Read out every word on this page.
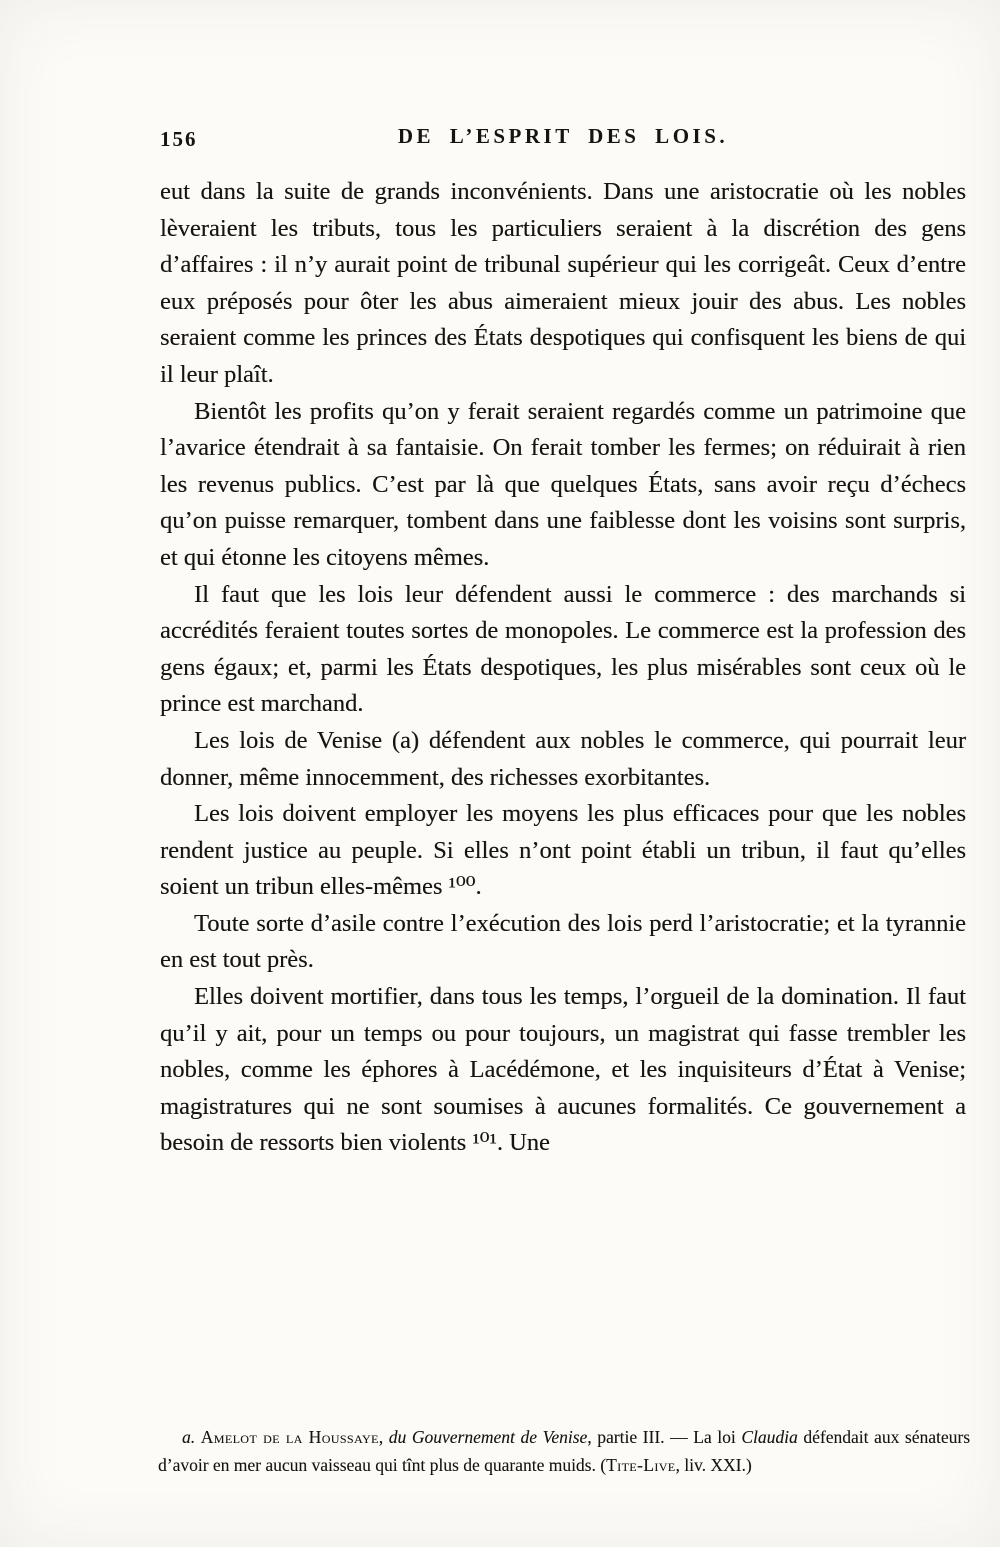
156	DE L’ESPRIT DES LOIS.

eut dans la suite de grands inconvénients. Dans une aristocratie où les nobles lèveraient les tributs, tous les particuliers seraient à la discrétion des gens d’affaires : il n’y aurait point de tribunal supérieur qui les corrigeât. Ceux d’entre eux préposés pour ôter les abus aimeraient mieux jouir des abus. Les nobles seraient comme les princes des États despotiques qui confisquent les biens de qui il leur plaît.

Bientôt les profits qu’on y ferait seraient regardés comme un patrimoine que l’avarice étendrait à sa fantaisie. On ferait tomber les fermes; on réduirait à rien les revenus publics. C’est par là que quelques États, sans avoir reçu d’échecs qu’on puisse remarquer, tombent dans une faiblesse dont les voisins sont surpris, et qui étonne les citoyens mêmes.

Il faut que les lois leur défendent aussi le commerce : des marchands si accrédités feraient toutes sortes de monopoles. Le commerce est la profession des gens égaux; et, parmi les États despotiques, les plus misérables sont ceux où le prince est marchand.

Les lois de Venise (a) défendent aux nobles le commerce, qui pourrait leur donner, même innocemment, des richesses exorbitantes.

Les lois doivent employer les moyens les plus efficaces pour que les nobles rendent justice au peuple. Si elles n’ont point établi un tribun, il faut qu’elles soient un tribun elles-mêmes ¹⁰⁰.

Toute sorte d’asile contre l’exécution des lois perd l’aristocratie; et la tyrannie en est tout près.

Elles doivent mortifier, dans tous les temps, l’orgueil de la domination. Il faut qu’il y ait, pour un temps ou pour toujours, un magistrat qui fasse trembler les nobles, comme les éphores à Lacédémone, et les inquisiteurs d’État à Venise; magistratures qui ne sont soumises à aucunes formalités. Ce gouvernement a besoin de ressorts bien violents ¹⁰¹. Une

a. Amelot de la Houssaye, du Gouvernement de Venise, partie III. — La loi Claudia défendait aux sénateurs d’avoir en mer aucun vaisseau qui tînt plus de quarante muids. (Tite-Live, liv. XXI.)
